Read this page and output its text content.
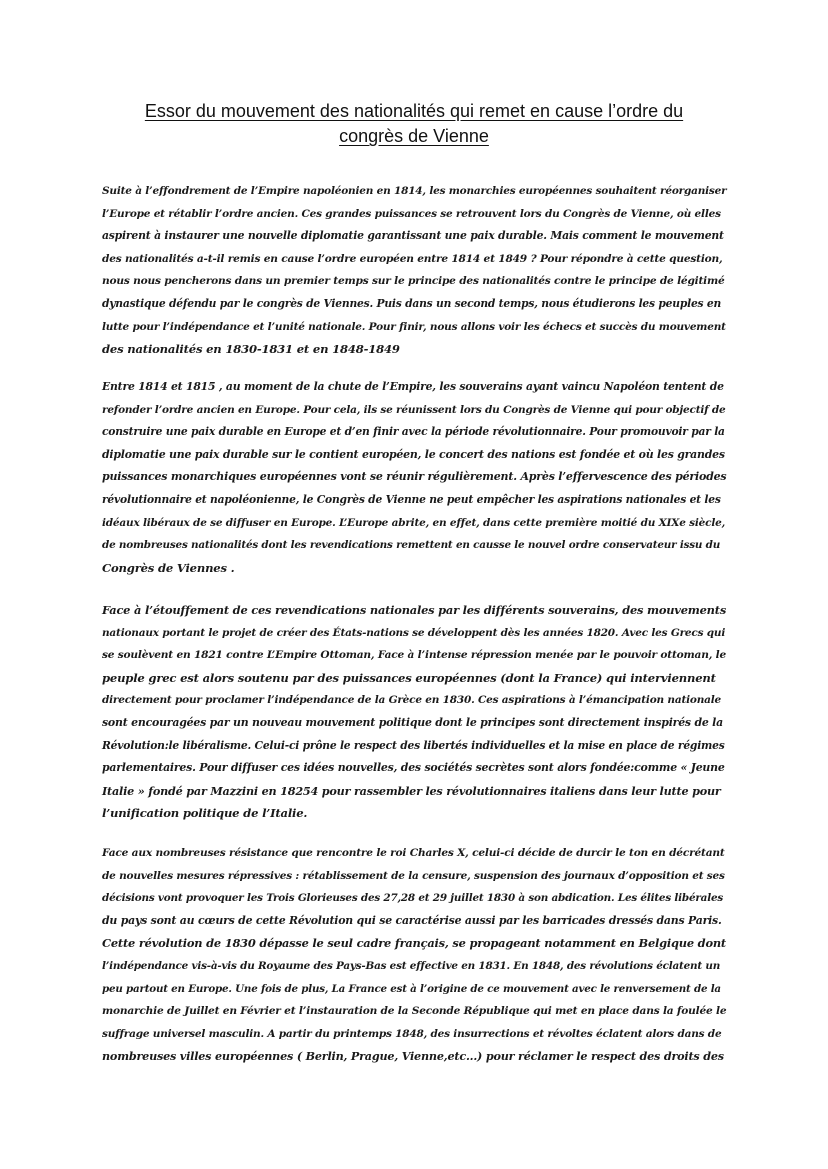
Essor du mouvement des nationalités qui remet en cause l’ordre du
congrès de Vienne

Suite à l’effondrement de l’Empire napoléonien en 1814, les monarchies européennes souhaitent réorganiser
l’Europe et rétablir l’ordre ancien. Ces grandes puissances se retrouvent lors du Congrès de Vienne, où elles
aspirent à instaurer une nouvelle diplomatie garantissant une paix durable. Mais comment le mouvement
des nationalités a-t-il remis en cause l’ordre européen entre 1814 et 1849 ? Pour répondre à cette question,
nous nous pencherons dans un premier temps sur le principe des nationalités contre le principe de légitimé
dynastique défendu par le congrès de Viennes. Puis dans un second temps, nous étudierons les peuples en
lutte pour l’indépendance et l’unité nationale. Pour finir, nous allons voir les échecs et succès du mouvement
des nationalités en 1830-1831 et en 1848-1849

Entre 1814 et 1815 , au moment de la chute de l’Empire, les souverains ayant vaincu Napoléon tentent de
refonder l’ordre ancien en Europe. Pour cela, ils se réunissent lors du Congrès de Vienne qui pour objectif de
construire une paix durable en Europe et d’en finir avec la période révolutionnaire. Pour promouvoir par la
diplomatie une paix durable sur le contient européen, le concert des nations est fondée et où les grandes
puissances monarchiques européennes vont se réunir régulièrement. Après l’effervescence des périodes
révolutionnaire et napoléonienne, le Congrès de Vienne ne peut empêcher les aspirations nationales et les
idéaux libéraux de se diffuser en Europe. L’Europe abrite, en effet, dans cette première moitié du XIXe siècle,
de nombreuses nationalités dont les revendications remettent en causse le nouvel ordre conservateur issu du
Congrès de Viennes .

Face à l’étouffement de ces revendications nationales par les différents souverains, des mouvements
nationaux portant le projet de créer des États-nations se développent dès les années 1820. Avec les Grecs qui
se soulèvent en 1821 contre L’Empire Ottoman, Face à l’intense répression menée par le pouvoir ottoman, le
peuple grec est alors soutenu par des puissances européennes (dont la France) qui interviennent
directement pour proclamer l’indépendance de la Grèce en 1830. Ces aspirations à l’émancipation nationale
sont encouragées par un nouveau mouvement politique dont le principes sont directement inspirés de la
Révolution:le libéralisme. Celui-ci prône le respect des libertés individuelles et la mise en place de régimes
parlementaires. Pour diffuser ces idées nouvelles, des sociétés secrètes sont alors fondée:comme « Jeune
Italie » fondé par Mazzini en 18254 pour rassembler les révolutionnaires italiens dans leur lutte pour
l’unification politique de l’Italie.

Face aux nombreuses résistance que rencontre le roi Charles X, celui-ci décide de durcir le ton en décrétant
de nouvelles mesures répressives : rétablissement de la censure, suspension des journaux d’opposition et ses
décisions vont provoquer les Trois Glorieuses des 27,28 et 29 juillet 1830 à son abdication. Les élites libérales
du pays sont au cœurs de cette Révolution qui se caractérise aussi par les barricades dressés dans Paris.
Cette révolution de 1830 dépasse le seul cadre français, se propageant notamment en Belgique dont
l’indépendance vis-à-vis du Royaume des Pays-Bas est effective en 1831. En 1848, des révolutions éclatent un
peu partout en Europe. Une fois de plus, La France est à l’origine de ce mouvement avec le renversement de la
monarchie de Juillet en Février et l’instauration de la Seconde République qui met en place dans la foulée le
suffrage universel masculin. A partir du printemps 1848, des insurrections et révoltes éclatent alors dans de
nombreuses villes européennes ( Berlin, Prague, Vienne,etc...) pour réclamer le respect des droits des
